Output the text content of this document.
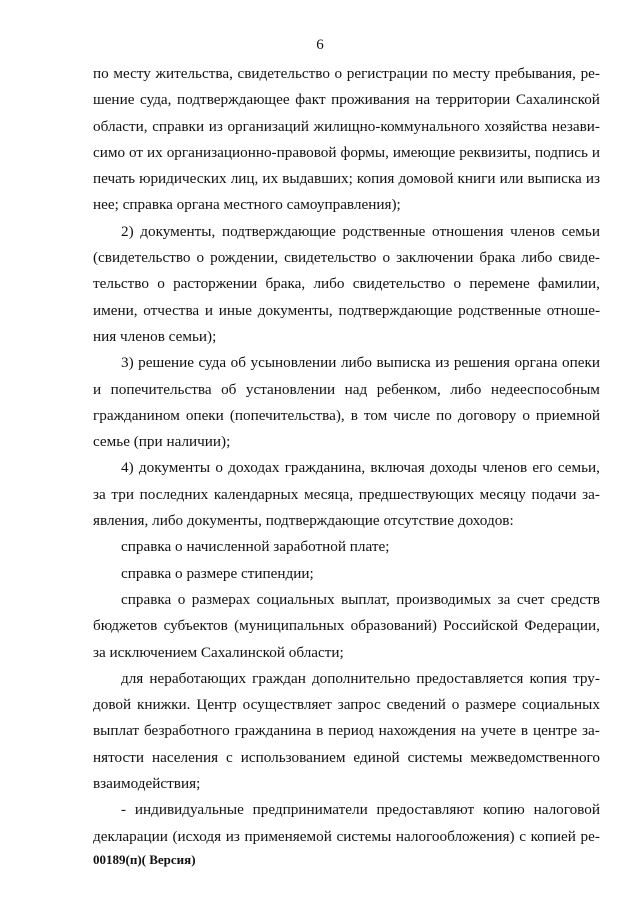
6
по месту жительства, свидетельство о регистрации по месту пребывания, ре-
шение суда, подтверждающее факт проживания на территории Сахалинской
области, справки из организаций жилищно-коммунального хозяйства незави-
симо от их организационно-правовой формы, имеющие реквизиты, подпись и
печать юридических лиц, их выдавших; копия домовой книги или выписка из
нее; справка органа местного самоуправления);
2) документы, подтверждающие родственные отношения членов семьи
(свидетельство о рождении, свидетельство о заключении брака либо свиде-
тельство о расторжении брака, либо свидетельство о перемене фамилии,
имени, отчества и иные документы, подтверждающие родственные отноше-
ния членов семьи);
3) решение суда об усыновлении либо выписка из решения органа опеки
и попечительства об установлении над ребенком, либо недееспособным
гражданином опеки (попечительства), в том числе по договору о приемной
семье (при наличии);
4) документы о доходах гражданина, включая доходы членов его семьи,
за три последних календарных месяца, предшествующих месяцу подачи за-
явления, либо документы, подтверждающие отсутствие доходов:
справка о начисленной заработной плате;
справка о размере стипендии;
справка о размерах социальных выплат, производимых за счет средств
бюджетов субъектов (муниципальных образований) Российской Федерации,
за исключением Сахалинской области;
для неработающих граждан дополнительно предоставляется копия тру-
довой книжки. Центр осуществляет запрос сведений о размере социальных
выплат безработного гражданина в период нахождения на учете в центре за-
нятости населения с использованием единой системы межведомственного
взаимодействия;
- индивидуальные предприниматели предоставляют копию налоговой
декларации (исходя из применяемой системы налогообложения) с копией ре-
00189(п)( Версия)
